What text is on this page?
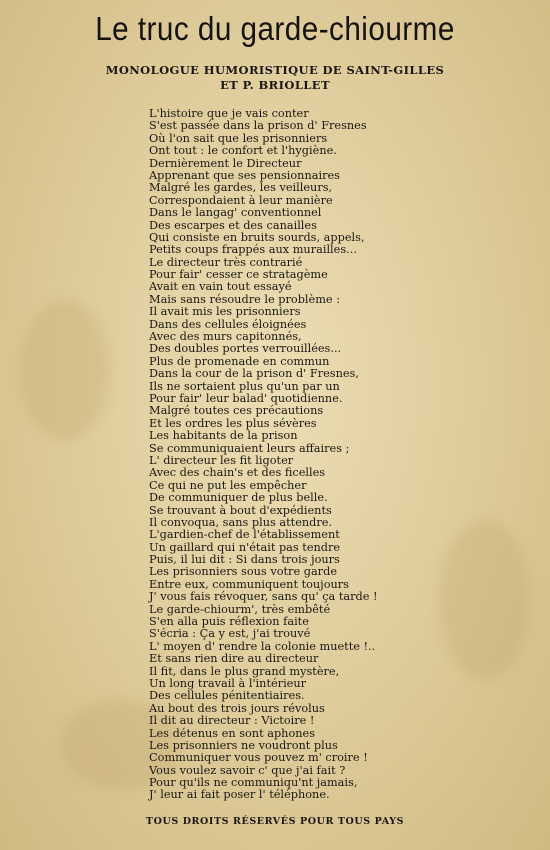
Le truc du garde-chiourme

MONOLOGUE HUMORISTIQUE DE SAINT-GILLES

ET P. BRIOLLET

L'histoire que je vais conter
S'est passée dans la prison d' Fresnes
Où l'on sait que les prisonniers
Ont tout : le confort et l'hygiène.
Dernièrement le Directeur
Apprenant que ses pensionnaires
Malgré les gardes, les veilleurs,
Correspondaient à leur manière
Dans le langag' conventionnel
Des escarpes et des canailles
Qui consiste en bruits sourds, appels,
Petits coups frappés aux murailles...
Le directeur très contrarié
Pour fair' cesser ce stratagème
Avait en vain tout essayé
Mais sans résoudre le problème :
Il avait mis les prisonniers
Dans des cellules éloignées
Avec des murs capitonnés,
Des doubles portes verrouillées...
Plus de promenade en commun
Dans la cour de la prison d' Fresnes,
Ils ne sortaient plus qu'un par un
Pour fair' leur balad' quotidienne.
Malgré toutes ces précautions
Et les ordres les plus sévères
Les habitants de la prison
Se communiquaient leurs affaires ;
L' directeur les fit ligoter
Avec des chain's et des ficelles
Ce qui ne put les empêcher
De communiquer de plus belle.
Se trouvant à bout d'expédients
Il convoqua, sans plus attendre.
L'gardien-chef de l'établissement
Un gaillard qui n'était pas tendre
Puis, il lui dit : Si dans trois jours
Les prisonniers sous votre garde
Entre eux, communiquent toujours
J' vous fais révoquer, sans qu' ça tarde !
Le garde-chiourm', très embêté
S'en alla puis réflexion faite
S'écria : Ça y est, j'ai trouvé
L' moyen d' rendre la colonie muette !..
Et sans rien dire au directeur
Il fit, dans le plus grand mystère,
Un long travail à l'intérieur
Des cellules pénitentiaires.
Au bout des trois jours révolus
Il dit au directeur : Victoire !
Les détenus en sont aphones
Les prisonniers ne voudront plus
Communiquer vous pouvez m' croire !
Vous voulez savoir c' que j'ai fait ?
Pour qu'ils ne communiqu'nt jamais,
J' leur ai fait poser l' téléphone.

TOUS DROITS RÉSERVÉS POUR TOUS PAYS
